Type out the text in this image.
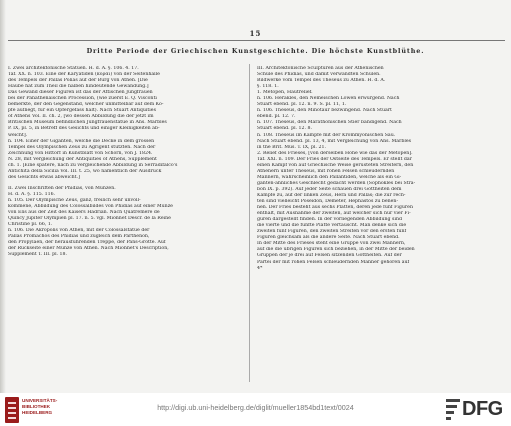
15
Dritte Periode der Griechischen Kunstgeschichte. Die höchste Kunstblüthe.
I. Zwei architektonische Statuen. H. d. A. §. 106. 4. 17.
Taf. XX. n. 103. Eine der Karyatiden (κόραι) von der Seitenhalle
des Tempels der Pallas Polias auf der Burg von Athen. [Die
Haube hat zum Theil die halben hindeutende Gewandung.]
Das Gewand dieser Figuren ist das der Attischen Jungfrauen
bei der Panathenäischen Procession, (wie zuerst E. Q. Visconti
bemerkte, der den Gegenstand, welcher unmittelbar auf dem Ko-
pfe aufliegt, für ein Opfergefäss hält). Nach Stuart Antiquities
of Athens Vol. II. ch. 2, [wo dessen Abbildung die der jetzt im
Britischen Museum befindlichen Jungfrauenstatue in Ans. Marbles
P. IX, pl. 5, in Betreff des Gesichts und einiger Kleinigkeiten ab-
weicht].
n. 104. Einer der Giganten, welche die Decke in dem grossen
Tempel des Olympischen Zeus zu Agrigent stützten. Nach der
Zeichnung von Hittorf in Kunstblatt von Schorn, von J. 1824.
N. 28, mit Vergleichung der Antiquities of Athens, Supplement
ch. 1. [Eine spätere, nach zu vergleichende Abbildung in Serradifalco's
Antichità della Sicilia Vol. III. t. 25, wo namentlich der Ausdruck
des Gesichts etwas abweicht.]
II. Zwei Inschriften der Phidias, von Münzen.
H. d. A. §. 115. 116.
n. 105. Der Olympische Zeus, ganz, freilich sehr unvoll-
kommene, Abbildung des Colossalbildes von Phidias auf einer Münze
von Elis aus der Zeit des Kaisers Hadrian. Nach Quatremère de
Quincy Jupiter Olympien pl. 17. n. 5. vgl. Mionnet Descr. de la Reine
Christine pl. 66, 1.
n. 106. Die Akropolis von Athen, mit der Colossalstatue der
Pallas Promachos des Phidias und zugleich dem Parthenon,
den Propyläen, der herausführenden Treppe, der Pans-Grotte. Auf
der Rückseite einer Münze von Athen. Nach Mionnet's Description,
Supplément T. III. pl. 18.
III. Architektonische Sculpturen aus der Athenischen
Schule des Phidias, und damit verwandten Schulen.
Bildwerke vom Tempel des Theseus zu Athen. H. d. A.
§. 118. 1.
1. Metopen, Hautrelief.
n. 106. Herakles, den Nemeischen Löwen erwürgend. Nach
Stuart ebend. pl. 12. n. 9. S. pl. 11, 1.
n. 106. Theseus, den Minotaur bezwingend. Nach Stuart
ebend. pl. 12. 7.
n. 107. Theseus, den Marathonischen Stier bändigend. Nach
Stuart ebend. pl. 12. 8.
n. 108. Theseus im Kampfe mit der Krommyonischen Sau.
Nach Stuart ebend. pl. 13, 4, mit Vergleichung von Ans. Marbles
in the Brit. Mus. T. IX, pl. 21.
2. Relief des Frieses, [von derselben Höhe wie das der Metopen].
Taf. XXI. n. 109. Der Fries der Ostseite des Tempels. Er stellt dar
einen Kampf von auf Griechische Weise gerüsteten Streitern, den
Athenern unter Theseus, mit rohen Felsen schleudernden
Männern, wahrscheinlich den Pallantiden, welche als ein Gi-
ganten-ähnliches Geschlecht gedacht werden (Sophokles bei Stra-
bon IX. p. 392). Auf jeder Seite schauen drei Gottheiten dem
Kampfe zu, auf der linken Zeus, Hera und Pallas; die zur rech-
ten sind vielleicht Poseidon, Demeter, Hephästos zu benen-
nen. Der Fries besteht aus sechs Platten, deren jede fünf Figuren
enthält, mit Ausnahme der zweiten, auf welcher sich nur vier Fi-
guren dargestellt finden. In der vorliegenden Abbildung sind
die vierte und die fünfte Platte vertauscht. Man denke sich die
zweiten fünf Figuren, den zweiten Streiten vor den ersten fünf
Figuren gleichsam als die andere Seite. Nach Stuart ebend.
In der Mitte des Frieses steht eine Gruppe von zwei Männern,
auf die die übrigen Figuren sich beziehen, in der Mitte der beiden
Gruppen der je drei auf Felsen sitzenden Gottheiten. Auf der
Partei der mit rohen Felsen schleudernden Männer gehören auf
4*
UNIVERSITÄTS-
BIBLIOTHEK
HEIDELBERG
http://digi.ub.uni-heidelberg.de/diglit/mueller1854bd1text/0024	DFG
